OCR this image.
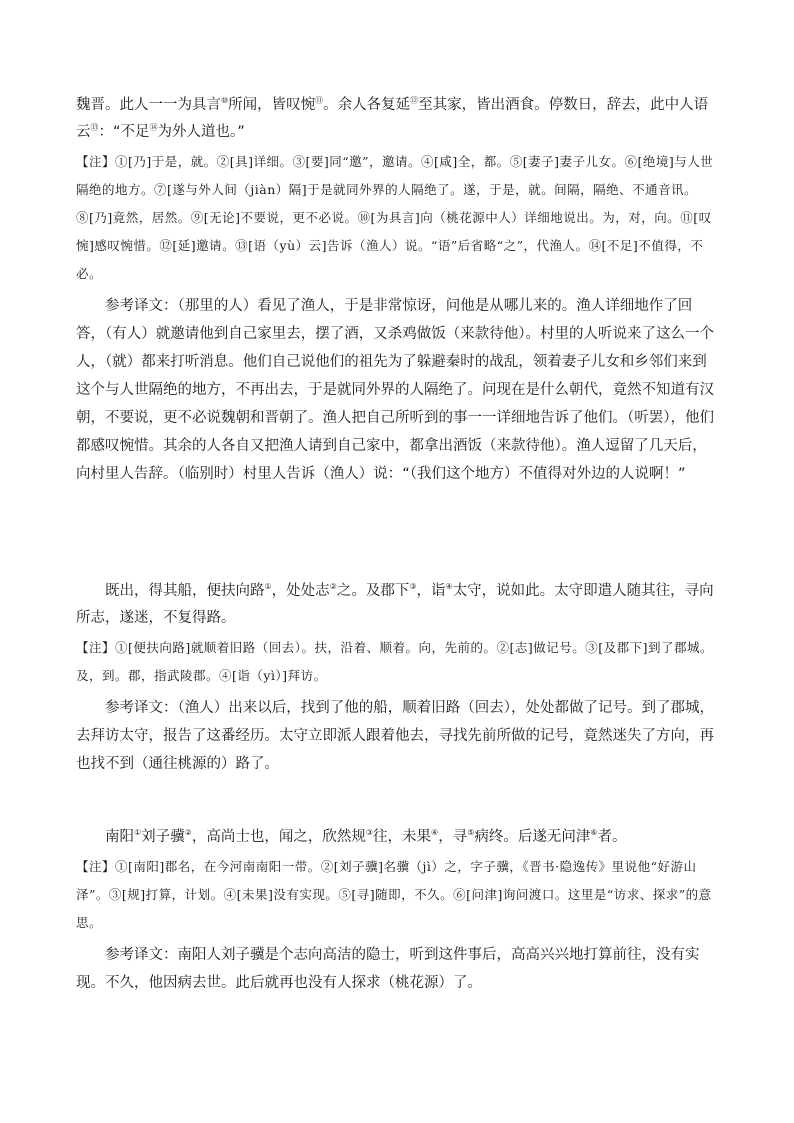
魏晋。此人一一为具言⑩所闻，皆叹惋⑪。余人各复延⑫至其家，皆出酒食。停数日，辞去，此中人语云⑬：“不足⑭为外人道也。”

【注】①[乃]于是，就。②[具]详细。③[要]同“邀”，邀请。④[咸]全，都。⑤[妻子]妻子儿女。⑥[绝境]与人世隔绝的地方。⑦[遂与外人间（jiàn）隔]于是就同外界的人隔绝了。遂，于是，就。间隔，隔绝、不通音讯。⑧[乃]竟然，居然。⑨[无论]不要说，更不必说。⑩[为具言]向（桃花源中人）详细地说出。为，对，向。⑪[叹惋]感叹惋惜。⑫[延]邀请。⑬[语（yù）云]告诉（渔人）说。“语”后省略“之”，代渔人。⑭[不足]不值得，不必。

参考译文：（那里的人）看见了渔人，于是非常惊讶，问他是从哪儿来的。渔人详细地作了回答，（有人）就邀请他到自己家里去，摆了酒，又杀鸡做饭（来款待他）。村里的人听说来了这么一个人，（就）都来打听消息。他们自己说他们的祖先为了躲避秦时的战乱，领着妻子儿女和乡邻们来到这个与人世隔绝的地方，不再出去，于是就同外界的人隔绝了。问现在是什么朝代，竟然不知道有汉朝，不要说，更不必说魏朝和晋朝了。渔人把自己所听到的事一一详细地告诉了他们。（听罢），他们都感叹惋惜。其余的人各自又把渔人请到自己家中，都拿出酒饭（来款待他）。渔人逗留了几天后，向村里人告辞。（临别时）村里人告诉（渔人）说：“（我们这个地方）不值得对外边的人说啊！”

既出，得其船，便扶向路①，处处志②之。及郡下③，诣④太守，说如此。太守即遣人随其往，寻向所志，遂迷，不复得路。

【注】①[便扶向路]就顺着旧路（回去）。扶，沿着、顺着。向，先前的。②[志]做记号。③[及郡下]到了郡城。及，到。郡，指武陵郡。④[诣（yì）]拜访。

参考译文：（渔人）出来以后，找到了他的船，顺着旧路（回去），处处都做了记号。到了郡城，去拜访太守，报告了这番经历。太守立即派人跟着他去，寻找先前所做的记号，竟然迷失了方向，再也找不到（通往桃源的）路了。

南阳①刘子骥②，高尚士也，闻之，欣然规③往，未果④，寻⑤病终。后遂无问津⑥者。

【注】①[南阳]郡名，在今河南南阳一带。②[刘子骥]名骥（jì）之，字子骥，《晋书·隐逸传》里说他“好游山泽”。③[规]打算，计划。④[未果]没有实现。⑤[寻]随即，不久。⑥[问津]询问渡口。这里是“访求、探求”的意思。

参考译文：南阳人刘子骥是个志向高洁的隐士，听到这件事后，高高兴兴地打算前往，没有实现。不久，他因病去世。此后就再也没有人探求（桃花源）了。
